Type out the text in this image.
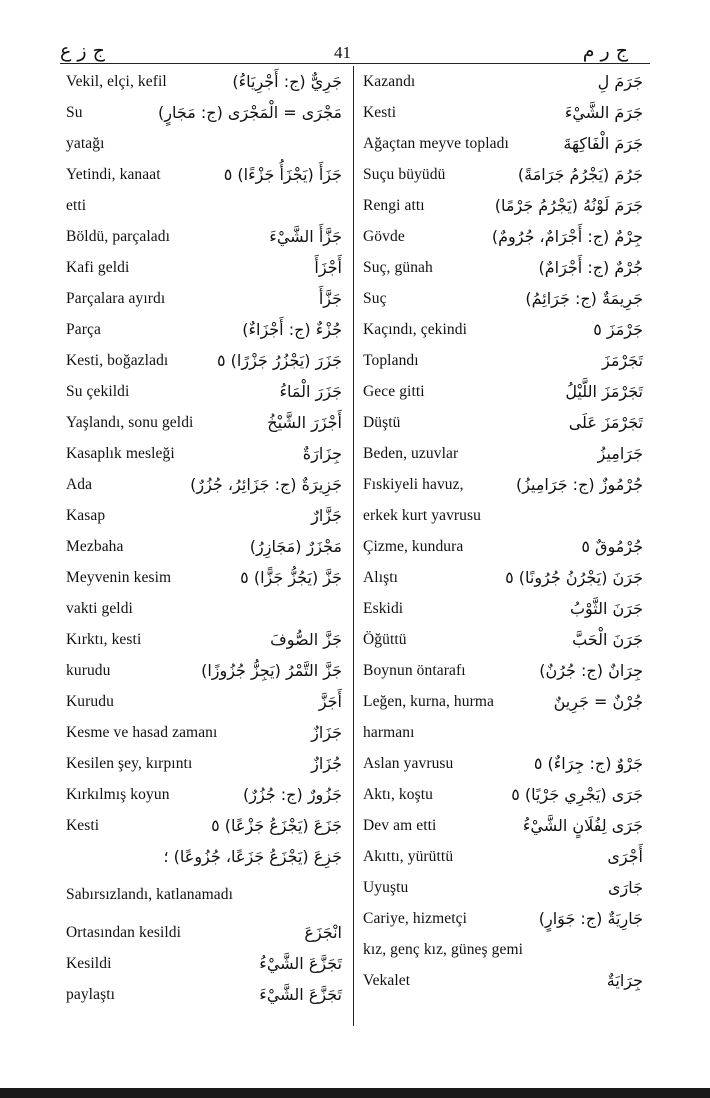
ج ز ع	41	ج ر م
Vekil, elçi, kefil	جَرِيٌّ (ج: أَجْرِيَاءُ)
Su	مَجْرَى = الْمَجْرَى (ج: مَجَارٍ)
yatağı
Yetindi, kanaat	جَزَأَ (يَجْزَأُ جَزْءًا) ٥
etti
Böldü, parçaladı	جَزَّأَ الشَّيْءَ
Kafi geldi	أَجْزَأَ
Parçalara ayırdı	جَزَّأَ
Parça	جُزْءٌ (ج: أَجْزَاءٌ)
Kesti, boğazladı	جَزَرَ (يَجْزُرُ جَزْرًا) ٥
Su çekildi	جَزَرَ الْمَاءُ
Yaşlandı, sonu geldi	أَجْزَرَ الشَّيْخُ
Kasaplık mesleği	جِزَارَةٌ
Ada	جَزِيرَةٌ (ج: جَزَائِرُ، جُزُرٌ)
Kasap	جَزَّارٌ
Mezbaha	مَجْزَرٌ (مَجَازِرُ)
Meyvenin kesim	جَزَّ (يَجُزُّ جَزًّا) ٥
vakti geldi
Kırktı, kesti	جَزَّ الصُّوفَ
kurudu	جَزَّ التَّمْرُ (يَجِزُّ جُزُوزًا)
Kurudu	أَجَزَّ
Kesme ve hasad zamanı	جَزَازٌ
Kesilen şey, kırpıntı	جُزَازٌ
Kırkılmış koyun	جَزُورٌ (ج: جُزُرٌ)
Kesti	جَزَعَ (يَجْزَعُ جَزْعًا) ٥
جَزِعَ (يَجْزَعُ جَزَعًا، جُزُوعًا) ؛
Sabırsızlandı, katlanamadı
Ortasından kesildi	انْجَزَعَ
Kesildi	تَجَزَّعَ الشَّيْءُ
paylaştı	تَجَزَّعَ الشَّيْءَ
Kazandı	جَرَمَ لِ
Kesti	جَرَمَ الشَّيْءَ
Ağaçtan meyve topladı	جَرَمَ الْفَاكِهَةَ
Suçu büyüdü	جَرُمَ (يَجْرُمُ جَرَامَةً)
Rengi attı	جَرَمَ لَوْنُهُ (يَجْرُمُ جَرْمًا)
Gövde	جِرْمٌ (ج: أَجْرَامٌ، جُرُومٌ)
Suç, günah	جُرْمٌ (ج: أَجْرَامٌ)
Suç	جَرِيمَةٌ (ج: جَرَائِمُ)
Kaçındı, çekindi	جَرْمَزَ ٥
Toplandı	تَجَرْمَزَ
Gece gitti	تَجَرْمَزَ اللَّيْلُ
Düştü	تَجَرْمَزَ عَلَى
Beden, uzuvlar	جَرَامِيزُ
Fıskiyeli havuz,	جُرْمُوزٌ (ج: جَرَامِيزُ)
erkek kurt yavrusu
Çizme, kundura	جُرْمُوقٌ ٥
Alıştı	جَرَنَ (يَجْرُنُ جُرُونًا) ٥
Eskidi	جَرَنَ الثَّوْبُ
Öğüttü	جَرَنَ الْحَبَّ
Boynun öntarafı	جِرَانٌ (ج: جُرُنٌ)
Leğen, kurna, hurma	جُرْنٌ = جَرِينٌ
harmanı
Aslan yavrusu	جَرْوٌ (ج: جِرَاءٌ) ٥
Aktı, koştu	جَرَى (يَجْرِي جَرْيًا) ٥
Dev am etti	جَرَى لِفُلَانٍ الشَّيْءُ
Akıttı, yürüttü	أَجْرَى
Uyuştu	جَارَى
Cariye, hizmetçi	جَارِيَةٌ (ج: جَوَارٍ)
kız, genç kız, güneş gemi
Vekalet	جِرَايَةٌ
